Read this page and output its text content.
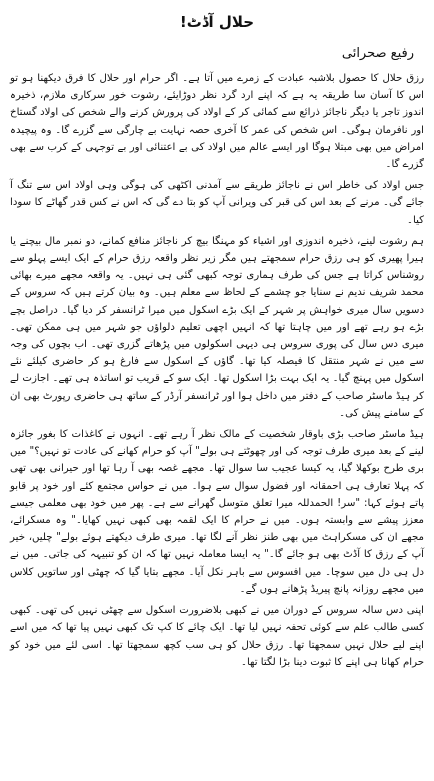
حلال آڈٹ!
رفیع صحرائی

رزق حلال کا حصول بلاشبہ عبادت کے زمرے میں آتا ہے۔ اگر حرام اور حلال کا فرق دیکھنا ہو تو اس کا آسان سا طریقہ یہ ہے کہ اپنے ارد گرد نظر دوڑایئے، رشوت خور سرکاری ملازم، ذخیرہ اندوز تاجر یا دیگر ناجائز ذرائع سے کمائی کر کے اولاد کی پرورش کرنے والے شخص کی اولاد گستاخ اور نافرمان ہوگی۔ اس شخص کی عمر کا آخری حصہ نہایت بے چارگی سے گزرے گا۔ وہ پیچیدہ امراض میں بھی مبتلا ہوگا اور ایسے عالم میں اولاد کی بے اعتنائی اور بے توجہی کے کرب سے بھی گزرے گا۔

جس اولاد کی خاطر اس نے ناجائز طریقے سے آمدنی اکٹھی کی ہوگی وہی اولاد اس سے تنگ آ جائے گی۔ مرنے کے بعد اس کی قبر کی ویرانی آپ کو بتا دے گی کہ اس نے کس قدر گھاٹے کا سودا کیا۔

ہم رشوت لینے، ذخیرہ اندوزی اور اشیاء کو مہنگا بیچ کر ناجائز منافع کمانے، دو نمبر مال بیچنے یا ہیرا پھیری کو ہی رزق حرام سمجھتے ہیں مگر زیر نظر واقعہ رزق حرام کے ایک ایسے پہلو سے روشناس کراتا ہے جس کی طرف ہماری توجہ کبھی گئی ہی نہیں۔ یہ واقعہ مجھے میرے بھائی محمد شریف ندیم نے سنایا جو چشمے کے لحاظ سے معلم ہیں۔ وہ بیان کرتے ہیں کہ سروس کے دسویں سال میری خواہش پر شہر کے ایک بڑے اسکول میں میرا ٹرانسفر کر دیا گیا۔ دراصل بچے بڑے ہو رہے تھے اور میں چاہتا تھا کہ انہیں اچھی تعلیم دلواؤں جو شہر میں ہی ممکن تھی۔ میری دس سال کی پوری سروس ہی دیہی اسکولوں میں پڑھاتے گزری تھی۔ اب بچوں کی وجہ سے میں نے شہر منتقل کا فیصلہ کیا تھا۔ گاؤں کے اسکول سے فارغ ہو کر حاضری کیلئے نئے اسکول میں پہنچ گیا۔ یہ ایک بہت بڑا اسکول تھا۔ ایک سو کے قریب تو اساتذہ ہی تھے۔ اجازت لے کر ہیڈ ماسٹر صاحب کے دفتر میں داخل ہوا اور ٹرانسفر آرڈر کے ساتھ ہی حاضری رپورٹ بھی ان کے سامنے پیش کی۔

ہیڈ ماسٹر صاحب بڑی باوقار شخصیت کے مالک نظر آ رہے تھے۔ انہوں نے کاغذات کا بغور جائزہ لینے کے بعد میری طرف توجہ کی اور چھوٹتے ہی بولے" آپ کو حرام کھانے کی عادت تو نہیں؟" میں بری طرح بوکھلا گیا، یہ کیسا عجیب سا سوال تھا۔ مجھے غصہ بھی آ رہا تھا اور حیرانی بھی تھی کہ پہلا تعارف ہی احمقانہ اور فضول سوال سے ہوا۔ میں نے حواس مجتمع کئے اور خود پر قابو پاتے ہوئے کہا: "سر! الحمدللہ میرا تعلق متوسل گھرانے سے ہے۔ پھر میں خود بھی معلمی جیسے معزز پیشے سے وابستہ ہوں۔ میں نے حرام کا ایک لقمہ بھی کبھی نہیں کھایا۔" وہ مسکرائے، مجھے ان کی مسکراہٹ میں بھی طنز نظر آنے لگا تھا۔ میری طرف دیکھتے ہوئے بولے" چلیں، خیر آپ کے رزق کا آڈٹ بھی ہو جائے گا۔" یہ ایسا معاملہ نہیں تھا کہ ان کو تنبیہہ کی جاتی۔ میں نے دل ہی دل میں سوچا۔ میں افسوس سے باہر نکل آیا۔ مجھے بتایا گیا کہ چھٹی اور ساتویں کلاس میں مجھے روزانہ پانچ پیریڈ پڑھانے ہوں گے۔

اپنی دس سالہ سروس کے دوران میں نے کبھی بلاضرورت اسکول سے چھٹی نہیں کی تھی۔ کبھی کسی طالب علم سے کوئی تحفہ نہیں لیا تھا۔ ایک چائے کا کپ تک کبھی نہیں پیا تھا کہ میں اسے اپنے لیے حلال نہیں سمجھتا تھا۔ رزق حلال کو ہی سب کچھ سمجھتا تھا۔ اسی لئے میں خود کو حرام کھانا ہی اپنے کا ثبوت دینا بڑا لگتا تھا۔
